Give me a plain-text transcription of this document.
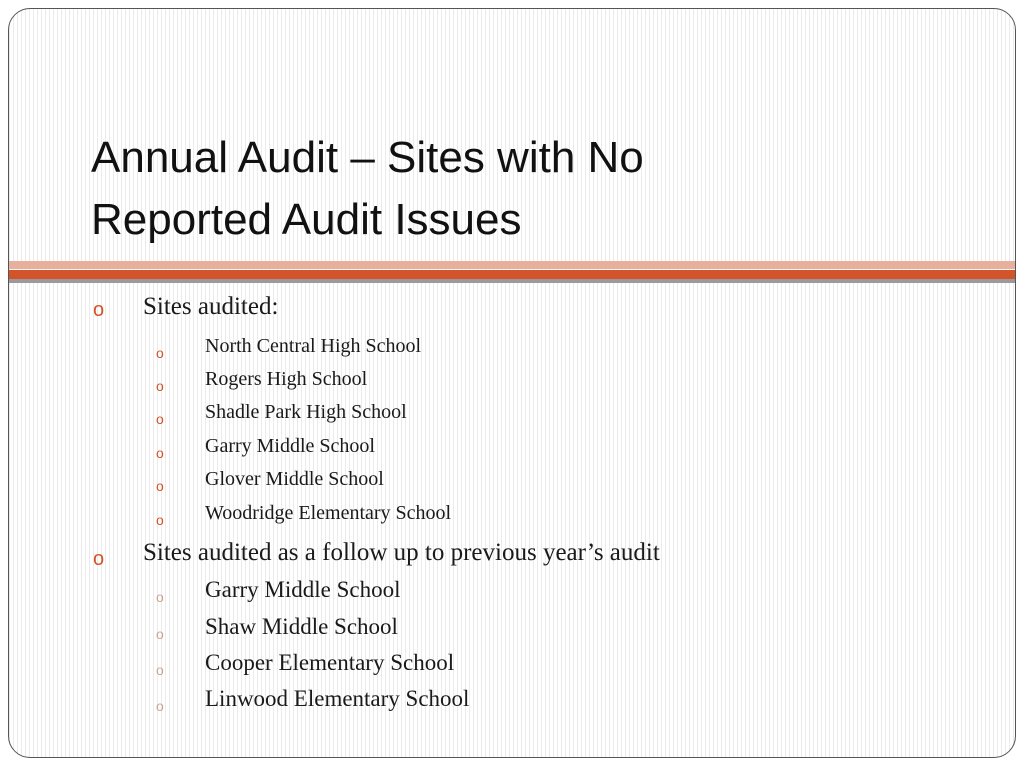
Annual Audit – Sites with No
Reported Audit Issues
o Sites audited:
o North Central High School
o Rogers High School
o Shadle Park High School
o Garry Middle School
o Glover Middle School
o Woodridge Elementary School
o Sites audited as a follow up to previous year’s audit
o Garry Middle School
o Shaw Middle School
o Cooper Elementary School
o Linwood Elementary School
